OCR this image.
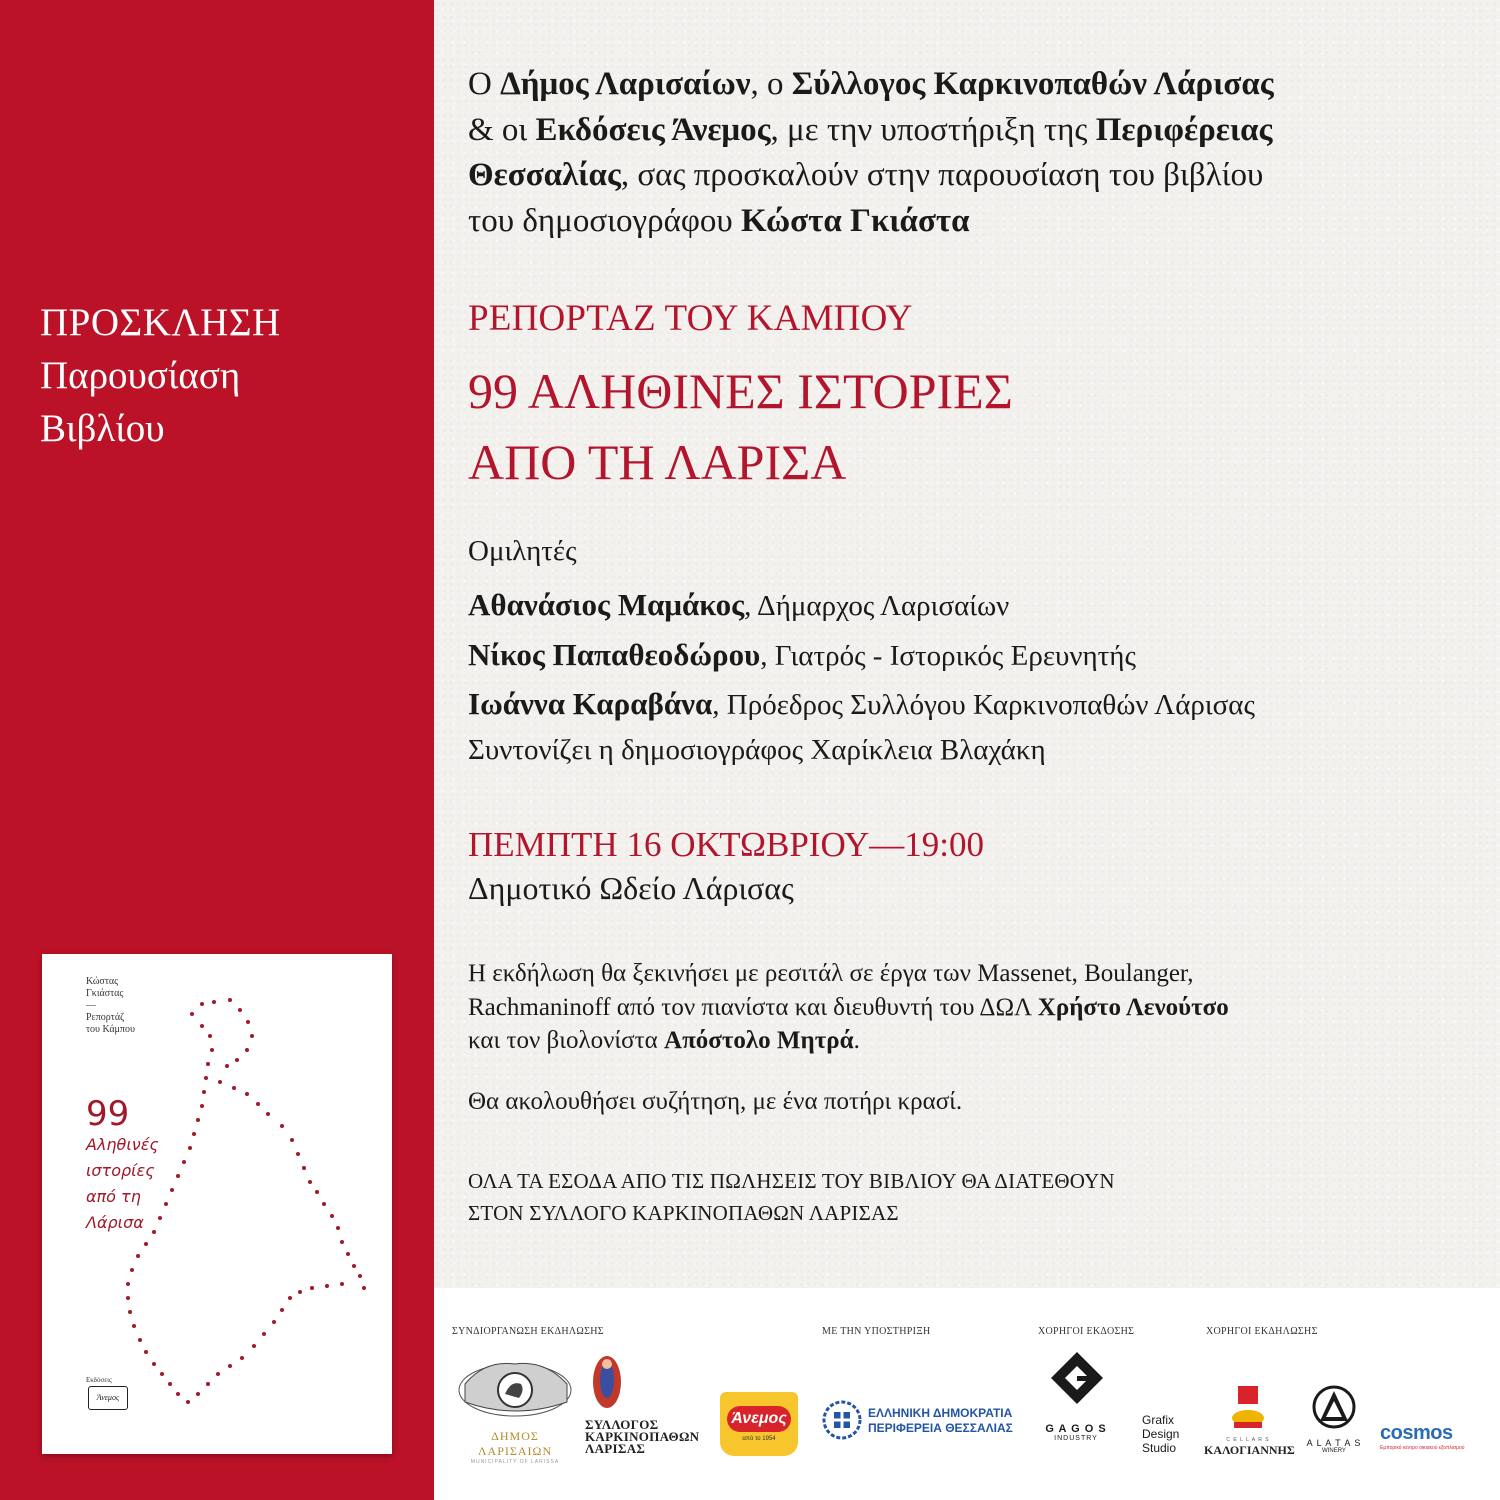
ΠΡΟΣΚΛΗΣΗ
Παρουσίαση
Βιβλίου
Κώστας
Γκιάστας
—
Ρεπορτάζ
του Κάμπου
99
Αληθινές
ιστορίες
από τη
Λάρισα
Εκδόσεις
Άνεμος
Ο Δήμος Λαρισαίων, ο Σύλλογος Καρκινοπαθών Λάρισας
& οι Εκδόσεις Άνεμος, με την υποστήριξη της Περιφέρειας
Θεσσαλίας, σας προσκαλούν στην παρουσίαση του βιβλίου
του δημοσιογράφου Κώστα Γκιάστα
ΡΕΠΟΡΤΑΖ ΤΟΥ ΚΑΜΠΟΥ
99 ΑΛΗΘΙΝΕΣ ΙΣΤΟΡΙΕΣ
ΑΠΟ ΤΗ ΛΑΡΙΣΑ
Ομιλητές
Αθανάσιος Μαμάκος, Δήμαρχος Λαρισαίων
Νίκος Παπαθεοδώρου, Γιατρός - Ιστορικός Ερευνητής
Ιωάννα Καραβάνα, Πρόεδρος Συλλόγου Καρκινοπαθών Λάρισας
Συντονίζει η δημοσιογράφος Χαρίκλεια Βλαχάκη
ΠΕΜΠΤΗ 16 ΟΚΤΩΒΡΙΟΥ—19:00
Δημοτικό Ωδείο Λάρισας
Η εκδήλωση θα ξεκινήσει με ρεσιτάλ σε έργα των Massenet, Boulanger,
Rachmaninoff από τον πιανίστα και διευθυντή του ΔΩΛ Χρήστο Λενούτσο
και τον βιολονίστα Απόστολο Μητρά.
Θα ακολουθήσει συζήτηση, με ένα ποτήρι κρασί.
ΟΛΑ ΤΑ ΕΣΟΔΑ ΑΠΟ ΤΙΣ ΠΩΛΗΣΕΙΣ ΤΟΥ ΒΙΒΛΙΟΥ ΘΑ ΔΙΑΤΕΘΟΥΝ
ΣΤΟΝ ΣΥΛΛΟΓΟ ΚΑΡΚΙΝΟΠΑΘΩΝ ΛΑΡΙΣΑΣ
ΣΥΝΔΙΟΡΓΑΝΩΣΗ ΕΚΔΗΛΩΣΗΣ	ΜΕ ΤΗΝ ΥΠΟΣΤΗΡΙΞΗ	ΧΟΡΗΓΟΙ ΕΚΔΟΣΗΣ	ΧΟΡΗΓΟΙ ΕΚΔΗΛΩΣΗΣ
ΔΗΜΟΣ ΛΑΡΙΣΑΙΩΝ
MUNICIPALITY OF LARISSA
ΣΥΛΛΟΓΟΣ
ΚΑΡΚΙΝΟΠΑΘΩΝ
ΛΑΡΙΣΑΣ
Άνεμος
από το 1954
ΕΛΛΗΝΙΚΗ ΔΗΜΟΚΡΑΤΙΑ
ΠΕΡΙΦΕΡΕΙΑ ΘΕΣΣΑΛΙΑΣ	G A G O S
INDUSTRY
Grafix
Design
Studio
C E L L A R S
ΚΑΛΟΓΙΑΝΝΗΣ	A L A T A S
WINERY
cosmos
Εμπορικό κέντρο οικιακού εξοπλισμού
